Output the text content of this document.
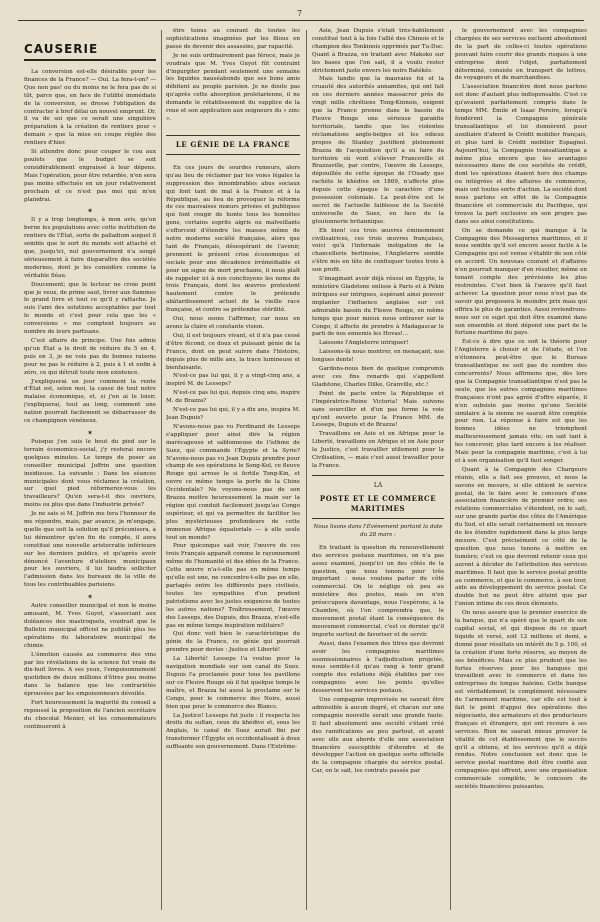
7
CAUSERIE

La conversion est-elle désirable pour les finances de la France? — Oui. La fera-t-on? — Que non pas! ou du moins ne le fera pas de si tôt, parce que, en face de l'utilité immédiate de la conversion, se dresse l'obligation de contracter à bref délai un nouvel emprunt. Or, il va de soi que ce serait une singulière préparation à la création de rentiers pour « demain » que la mise en coupe réglée des rentiers d'hier.

Si attendre donc pour couper le cou aux poulets que le budget se soit considérablement engraissé à leur dépens. Mais l'opération, pour être retardée, n'en sera pas moins effectuée en un jour relativement prochain et ce n'est pas moi qui m'en plaindrai.

✶

Il y a trop longtemps, à mon avis, qu'on berne les populations avec cette institution de rentiers de l'État, sorte de palladium auquel il semble que le sort du monde soit attaché et que, jusqu'ici, nul gouvernement n'a songé sérieusement à faire disparaître des sociétés modernes, dont je les considère comme la véritable fléau.

Doucement; que le lecteur ne croie point que je veux, de prime saut, livrer aux flammes le grand livre et tout ce qu'il y rattache. Je suis l'ami des solutions acceptables par tout le monde et c'est pour cela que les « conversions » me comptent toujours au nombre de leurs partisans.

C'est affaire de principe. Une fois admis qu'un État a le droit de réduire du 5 en 4, puis en 3, je ne vois pas de bonnes raisons pour ne pas le réduire à 2, puis à 1 et enfin à zéro, ce qui détruit toute mon existence.

J'expliquerai un jour comment la rente d'État est, selon moi, la cause de tout notre malaise économique, et, si j'en ai le loisir, j'expliquerai, tout au long, comment une nation pourrait facilement se débarrasser de ce champignon vénéneux.

✶

Puisque j'en suis le bout du pied sur le terrain économico-social, j'y resterai encore quelques minutes. Le temps de poser au conseiller municipal Joffrin une question insidieuse. La suivante : Dans les séances municipales dont vous réclamez la création, sur quel pied réformerez-vous les travailleurs? Qu'en sera-t-il des ouvriers, moins ou plus que dans l'industrie privée?

Je ne sais si M. Joffrin me fera l'honneur de me répondre, mais, par avance, je m'engage, quelle que soit la solution qu'il préconisera, à lui démontrer qu'en fin de compte, il aura constitué une nouvelle aristocratie inférieure sur les derniers publics, et qu'après avoir dénoncé l'aventure d'ateliers municipaux pour les ouvriers, il lui faudra solliciter l'admission dans les bureaux de la ville de tous les contribuables parisiens.

✶

Autre conseiller municipal et non le moins amusant, M. Yves Guyot, s'associant aux doléances des mastroquets, voudrait que le Bulletin municipal officiel ne publiât plus les opérations du laboratoire municipal de chimie.

L'émotion causée au commerce des vins par les révélations de la science fut vraie de dix-huit livres. A ses yeux, l'empoisonnement quotidien de deux millions d'êtres peu moins dans la balance que les contrariétés éprouvées par les empoisonneurs dévoilés.

Fort heureusement la majorité du conseil a repoussé la proposition de l'ancien secrétaire du chocolat Menier, et les consommateurs continueront à

être tenus au courant de toutes les sophistications imaginées par les filous en passe de devenir des assassins, par rapacité.

Je ne suis ordinairement pas féroce, mais je voudrais que M. Yves Guyot fût contraint d'ingurgiter pendant seulement une semaine les liquides nauséabonds que ses bons amis débitent au peuple parisien. Je ne doute pas qu'après cette absorption proletarienne, il ne demande le rétablissement du supplice de la roue et son application aux seigneurs du « zinc ».

LE GÉNIE DE LA FRANCE

En ces jours de sourdes rumeurs, alors qu'au lieu de réclamer par les voies légales la suppression des innombrables abus sociaux qui font tant de mal à la France et à la République, au lieu de provoquer la réforme de ces mauvaises mœurs privées et publiques qui font rougir de honte tous les honnêtes gens, certains esprits aigris ou malveillants s'efforcent d'étendre les masses même de notre moderne société française, alors que tant de Français, désespérant de l'avenir, prennent le présent crise économique et sociale pour une décadence irrémédiable et pour un signe de mort prochaine, il nous plaît de rappeler ici à nos concitoyens les noms de trois Français, dont les œuvres protestent hautement contre le prétendu abâtardissement actuel de la vieille race française, et contre sa prétendue stérilité.

Oui, nous osons l'affirmer, car nous en avons la claire et constante vision.

Oui, il est toujours vivant, et il n'a pas cessé d'être fécond, ce doux et puissant génie de la France, dont on peut suivre dans l'histoire, depuis plus de mille ans, la trace lumineuse et bienfaisante.

N'est-ce pas lui qui, il y a vingt-cinq ans, a inspiré M. de Lesseps?

N'est-ce pas lui qui, depuis cinq ans, inspire M. de Brazza?

N'est-ce pas lui qui, il y a dix ans, inspira M. Jean Dupuis?

N'avons-nous pas vu Ferdinand de Lesseps s'appliquer pour ainsi dire la région marécageuse et sablonneuse de l'isthme de Suez, qui commande l'Égypte et la Syrie? N'avons-nous pas vu Jean Dupuis prendre pour champ de ses opérations le Song-Koï, ce fleuve Rouge qui arrose le si fertile Tong-Kin, et ouvre ce même temps la porte de la Chine Occidentale? Ne voyons-nous pas de son Brazza mettre heureusement la main sur la région qui conduit facilement jusqu'au Congo supérieur, et qui va permettre de faciliter les plus mystérieuses profondeurs de cette immense Afrique équatoriale — à elle seule tout un monde?

Pour quiconque sait voir, l'œuvre de ces trois Français apparaît comme le rayonnement même de l'humanité et des idées de la France. Cette œuvre n'a-t-elle pas en même temps qu'elle est une, ne concentre-t-elle pas en elle, partagés entre les différents pays civilisés, toutes les sympathies d'un prudent patriotisme avec les justes exigences de toutes les autres nations? Traîtreusement, l'œuvre des Lesseps, des Dupuis, des Brazza, n'est-elle pas en même temps inspiration militaire?

Qui donc voit bien le caractéristique du génie de la France, ce génie qui pourrait prendre pour devise : Justice et Liberté!

La Liberté! Lesseps l'a voulue pour la navigation mondiale sur son canal de Suez. Dupuis l'a proclamée pour tous les pavillons sur ce Fleuve Rouge où il fut quelque temps le maître, et Brazza lui aussi la proclame sur le Congo, pour le commerce des Noirs, aussi bien que pour le commerce des Blancs.

La Justice! Lesseps fut juste : il respecta les droits du sultan, ceux du khédive et, sous les Anglais, le canal de Suez aurait fini par transformer l'Égypte en occidentalisant à doux suffisante son gouvernement. Dans l'Extrême-

Asie, Jean Dupuis s'était très-habilement constitué tout à la fois l'allié des Chinois et le champion des Tonkinois opprimés par Tu-Duc. Quant à Brazza, en traitant avec Makoko sur les bases que l'on sait, il a voulu rester strictement juste envers les noirs Batékés.

Mais tandis que la mauvaise foi et la cruauté des autorités annamites, qui ont fait en ces derniers années massacrer près de vingt mille chrétiens Tong-Kinnois, exigent que la France prenne dans le bassin du Fleuve Rouge une sérieuse garantie territoriale, tandis que les violentes réclamations anglo-belges et les odieux propos de Stanley justifient pleinement Brazza de l'acquisition qu'il a su faire du territoire où vont s'élever Franceville et Brazzaville, par contre, l'œuvre de Lesseps, dépouillée de cette époque de l'Ouady que rachète le khédive en 1869, n'affecte plus depuis cette époque le caractère d'une possession coloniale. La peut-être est le secret de l'actuelle faiblesse de la Société universelle de Suez, en face de la gloutonnerie britannique.

Eh bien! ces trois œuvres éminemment civilisatrices, ces trois œuvres françaises, voici qu'à l'infernale instigation de la chancellerie berlinoise, l'Angleterre semble s'être mis en tête de confisquer toutes trois à son profit.

S'imaginant avoir déjà réussi en Égypte, le ministère Gladstone enlisse à Paris et à Pékin intrigues sur intrigues, espérant ainsi pouvoir implanter l'influence anglaise sur cet admirable bassin du Fleuve Rouge, en même temps que pour mieux nous entraver sur le Congo, il affecte de prendre à Madagascar le parti de nos ennemis les Hovas!...

Laissons l'Angleterre intriguer!

Laissons-là nous montrer, en menaçant, nos longues dents!

Gardons-nous bien de quelque compromis avec ces fins renards qui s'appellent Gladstone, Charles Dilke, Granville, etc.!

Point de pacte entre la République et l'Impératrice-Reine Victoria! Mais suivons sans sourciller et d'un pas ferme la voie qu'ont ouverte pour la France MM. de Lesseps, Dupuis et de Brazza!

Travaillons en Asie et en Afrique pour la Liberté, travaillons en Afrique et en Asie pour la Justice, c'est travailler utilement pour la Civilisation, — mais c'est aussi travailler pour la France.

LA
POSTE ET LE COMMERCE MARITIMES
Nous lisons dans l'Événement portant la date du 28 mars :

En traitant la question du renouvellement des services postaux maritimes, on n'a pas assez examiné, jusqu'ici un des côtés de la question, que nous tenons pour très important : nous voulons parler du côté commercial. On le néglige où peu au ministère des postes, mais on n'en préoccupera davantage, nous l'espérons, à la Chambre, où l'on comprendra que, le mouvement postal étant la conséquence du mouvement commercial, c'est ce dernier qu'il importe surtout de favoriser et de servir.

Aussi, dans l'examen des titres que devront avoir les compagnies maritimes soumissionnaires à l'adjudication projetée, nous semble-t-il qu'au rang à tenir grand compte des relations déjà établies par ces compagnies avec les points qu'elles desservent les services postaux.

Une compagnie improvisée ne saurait être admissible à aucun degré, et chacun sur une compagnie nouvelle serait une grande faute. Il faut absolument une société s'étant créé des ramifications au peu partout, et ayant avec elle aux abords d'elle une association financière susceptible d'étendre et de développer l'action en quelque sorte officielle de la compagnie chargée du service postal. Car, on le sait, les contrats passés par

le gouvernement avec les compagnies chargées de ses services excluent absolument de la part de celles-ci toutes opérations pouvant faire courir des grands risques à une entreprise dont l'objet, parfaitement déterminé, consiste en transport de lettres, de voyageurs et de marchandises.

L'association financière dont nous parlons est donc d'autant plus indispensable. C'est ce qu'avaient parfaitement compris dans le temps MM. Émile et Isaac Pereire, lorsqu'à fondèrent la Compagnie générale transatlantique et lui donnèrent pour auxiliaire d'abord le Crédit mobilier français, et plus tard le Crédit mobilier Espagnol. Aujourd'hui, la Compagnie transatlantique a même plus encore que les avantages nécessaires dans de ces sociétés de crédit, dont les opérations étaient hors des champs ou intégrées et des affaires de commerce, mais ont toutes sorte d'action. La société dont nous parlons en effet de la Compagnie financière et commerciale du Pacifique, qui trouve la part exclusive en son propre pas dans ses ainsi constitutions.

On se demande ce qui manque à la Compagnie des Messageries maritimes, et il nous semble qu'il est encore assez facile à la Compagnie qui est venue s'établir de son côté en accord. Un nouveau courant et d'affaires n'en pourrait manquer d'en résulter, même en tenant compte des prévisions les plus restreintes. C'est bien là l'œuvre qu'il faut achever. La question pour nous n'est pas de savoir qui proposera le moindre prix mais qui offrira le plus de garanties. Aussi reviendrons-nous sur ce sujet qui doit être examiné dans son ensemble et dont dépend une part de la fortune maritime du pays.

Est-ce à dire que ce soit la théorie pour l'Angleterre à choisir et de l'étude, et l'on n'étonnera peut-être que le Bureau transatlantique ne soit pas du nombre des concurrents? Nous affirmons que, dès lors que la Compagnie transatlantique n'est pas la seule, que les autres compagnies maritimes françaises n'ont pas agréé d'offre séparée, il n'en subsiste pas moins qu'une Société similaire à la sienne ne saurait être comptée pour rien. La réponse à faire est que les bonnes idées ne triomphent malheureusement jamais vite; on sait tant à les concevoir, plus tard encore à les réaliser. Mais pour la compagnie maritime, c'est à lui et à son organisation qu'il faut songer.

Quant à la Compagnie des Chargeurs réunis, elle a fait ses preuves, et nous la savons en mesure, si elle obtient le service postal, de le faire avec le concours d'une association financière de premier ordre; ses relations commerciales s'étendent, on le sait, sur une grande partie des côtes de l'Amérique du Sud, et elle serait certainement en mesure de les étendre rapidement dans la plus large mesure. C'est précisément ce côté de la question que nous tenons à mettre en lumière; c'est ce que devront retenir ceux qui auront à décider de l'attribution des services maritimes. Il faut que le service postal profite au commerce, et que le commerce, à son tour, aide au développement du service postal. Ce double but ne peut être atteint que par l'union intime de ces deux éléments.

On nous assure que le premier exercice de la banque, qui n'a opéré que le quart de son capital social, et qui dispose de ce quart liquide et versé, soit 12 millions et demi, a donné pour résultats un intérêt de 5 p. 100, et la création d'une forte réserve, au moyen de ses bénéfices. Mais ce plus prudent que les fortes réserves pour les banques qui travaillent avec le commerce et dans les entreprises de longue haleine. Cette banque est véritablement le complément nécessaire de l'armement maritime, car elle est tout à fait le point d'appui des opérations des négociants, des armateurs et des producteurs français et étrangers, qui ont recours à ses services. Rien ne saurait mieux prouver la vitalité de cet établissement que le succès qu'il a obtenu, et les services qu'il a déjà rendus. Notre conclusion est donc que le service postal maritime doit être confié aux compagnies qui offrent, avec une organisation commerciale complète, le concours de sociétés financières puissantes.
